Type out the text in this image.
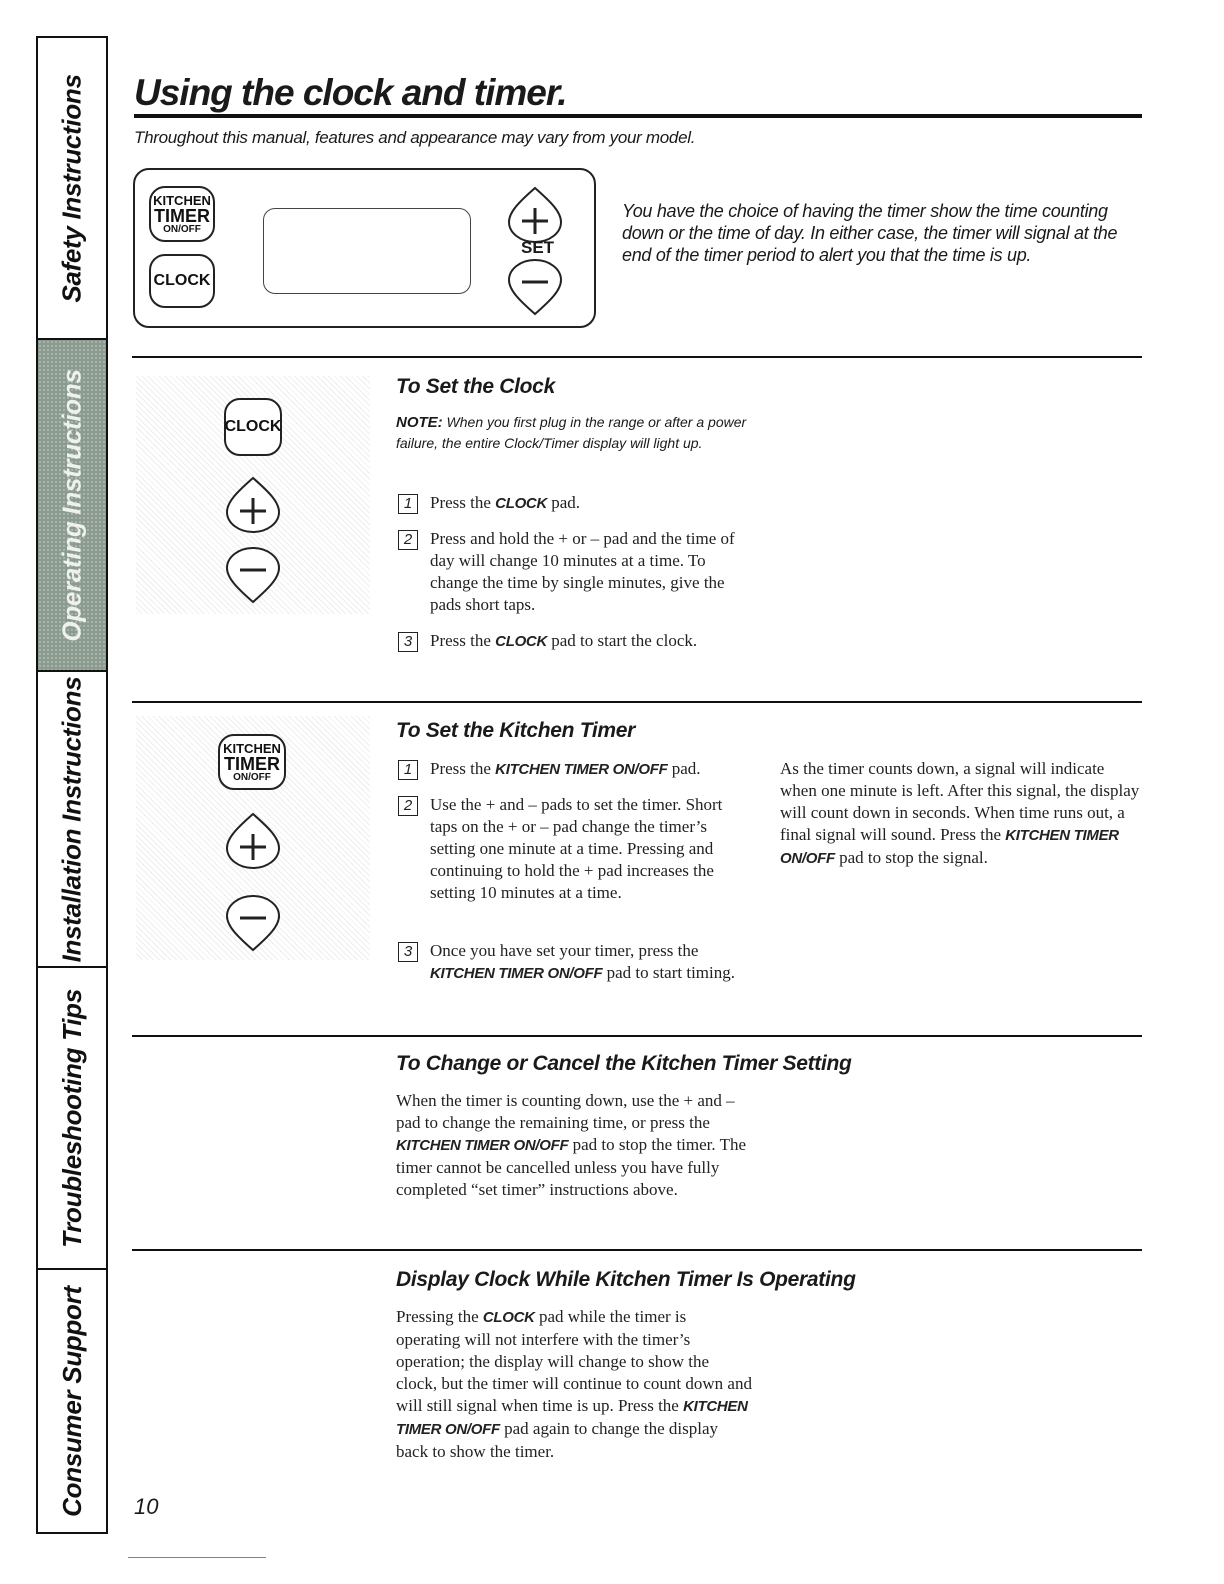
Safety Instructions
Operating Instructions
Installation Instructions
Troubleshooting Tips
Consumer Support
Using the clock and timer.
Throughout this manual, features and appearance may vary from your model.
KITCHEN
TIMER
ON/OFF
CLOCK
SET
You have the choice of having the timer show the time counting down or the time of day. In either case, the timer will signal at the end of the timer period to alert you that the time is up.
CLOCK
To Set the Clock
NOTE: When you first plug in the range or after a power failure, the entire Clock/Timer display will light up.
1	Press the CLOCK pad.
2	Press and hold the + or – pad and the time of day will change 10 minutes at a time. To change the time by single minutes, give the pads short taps.
3	Press the CLOCK pad to start the clock.
KITCHEN
TIMER
ON/OFF
To Set the Kitchen Timer
1	Press the KITCHEN TIMER ON/OFF pad.
2	Use the + and – pads to set the timer. Short taps on the + or – pad change the timer’s setting one minute at a time. Pressing and continuing to hold the + pad increases the setting 10 minutes at a time.
3	Once you have set your timer, press the KITCHEN TIMER ON/OFF pad to start timing.
As the timer counts down, a signal will indicate when one minute is left. After this signal, the display will count down in seconds. When time runs out, a final signal will sound. Press the KITCHEN TIMER ON/OFF pad to stop the signal.
To Change or Cancel the Kitchen Timer Setting
When the timer is counting down, use the + and – pad to change the remaining time, or press the KITCHEN TIMER ON/OFF pad to stop the timer. The timer cannot be cancelled unless you have fully completed “set timer” instructions above.
Display Clock While Kitchen Timer Is Operating
Pressing the CLOCK pad while the timer is operating will not interfere with the timer’s operation; the display will change to show the clock, but the timer will continue to count down and will still signal when time is up. Press the KITCHEN TIMER ON/OFF pad again to change the display back to show the timer.
10
